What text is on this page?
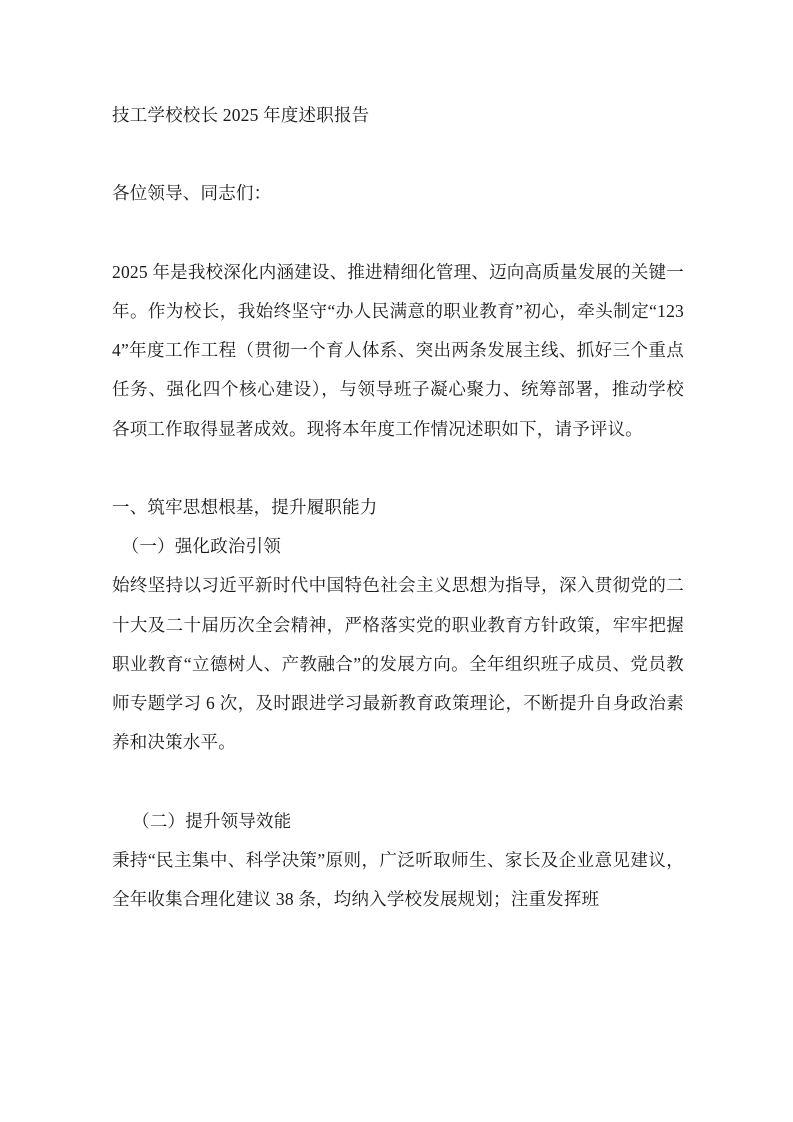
技工学校校长 2025 年度述职报告

各位领导、同志们：

2025 年是我校深化内涵建设、推进精细化管理、迈向高质量发展的关键一年。作为校长，我始终坚守“办人民满意的职业教育”初心，牵头制定“1234”年度工作工程（贯彻一个育人体系、突出两条发展主线、抓好三个重点任务、强化四个核心建设），与领导班子凝心聚力、统筹部署，推动学校各项工作取得显著成效。现将本年度工作情况述职如下，请予评议。

一、筑牢思想根基，提升履职能力

（一）强化政治引领

始终坚持以习近平新时代中国特色社会主义思想为指导，深入贯彻党的二十大及二十届历次全会精神，严格落实党的职业教育方针政策，牢牢把握职业教育“立德树人、产教融合”的发展方向。全年组织班子成员、党员教师专题学习 6 次，及时跟进学习最新教育政策理论，不断提升自身政治素养和决策水平。

（二）提升领导效能

秉持“民主集中、科学决策”原则，广泛听取师生、家长及企业意见建议，全年收集合理化建议 38 条，均纳入学校发展规划；注重发挥班
